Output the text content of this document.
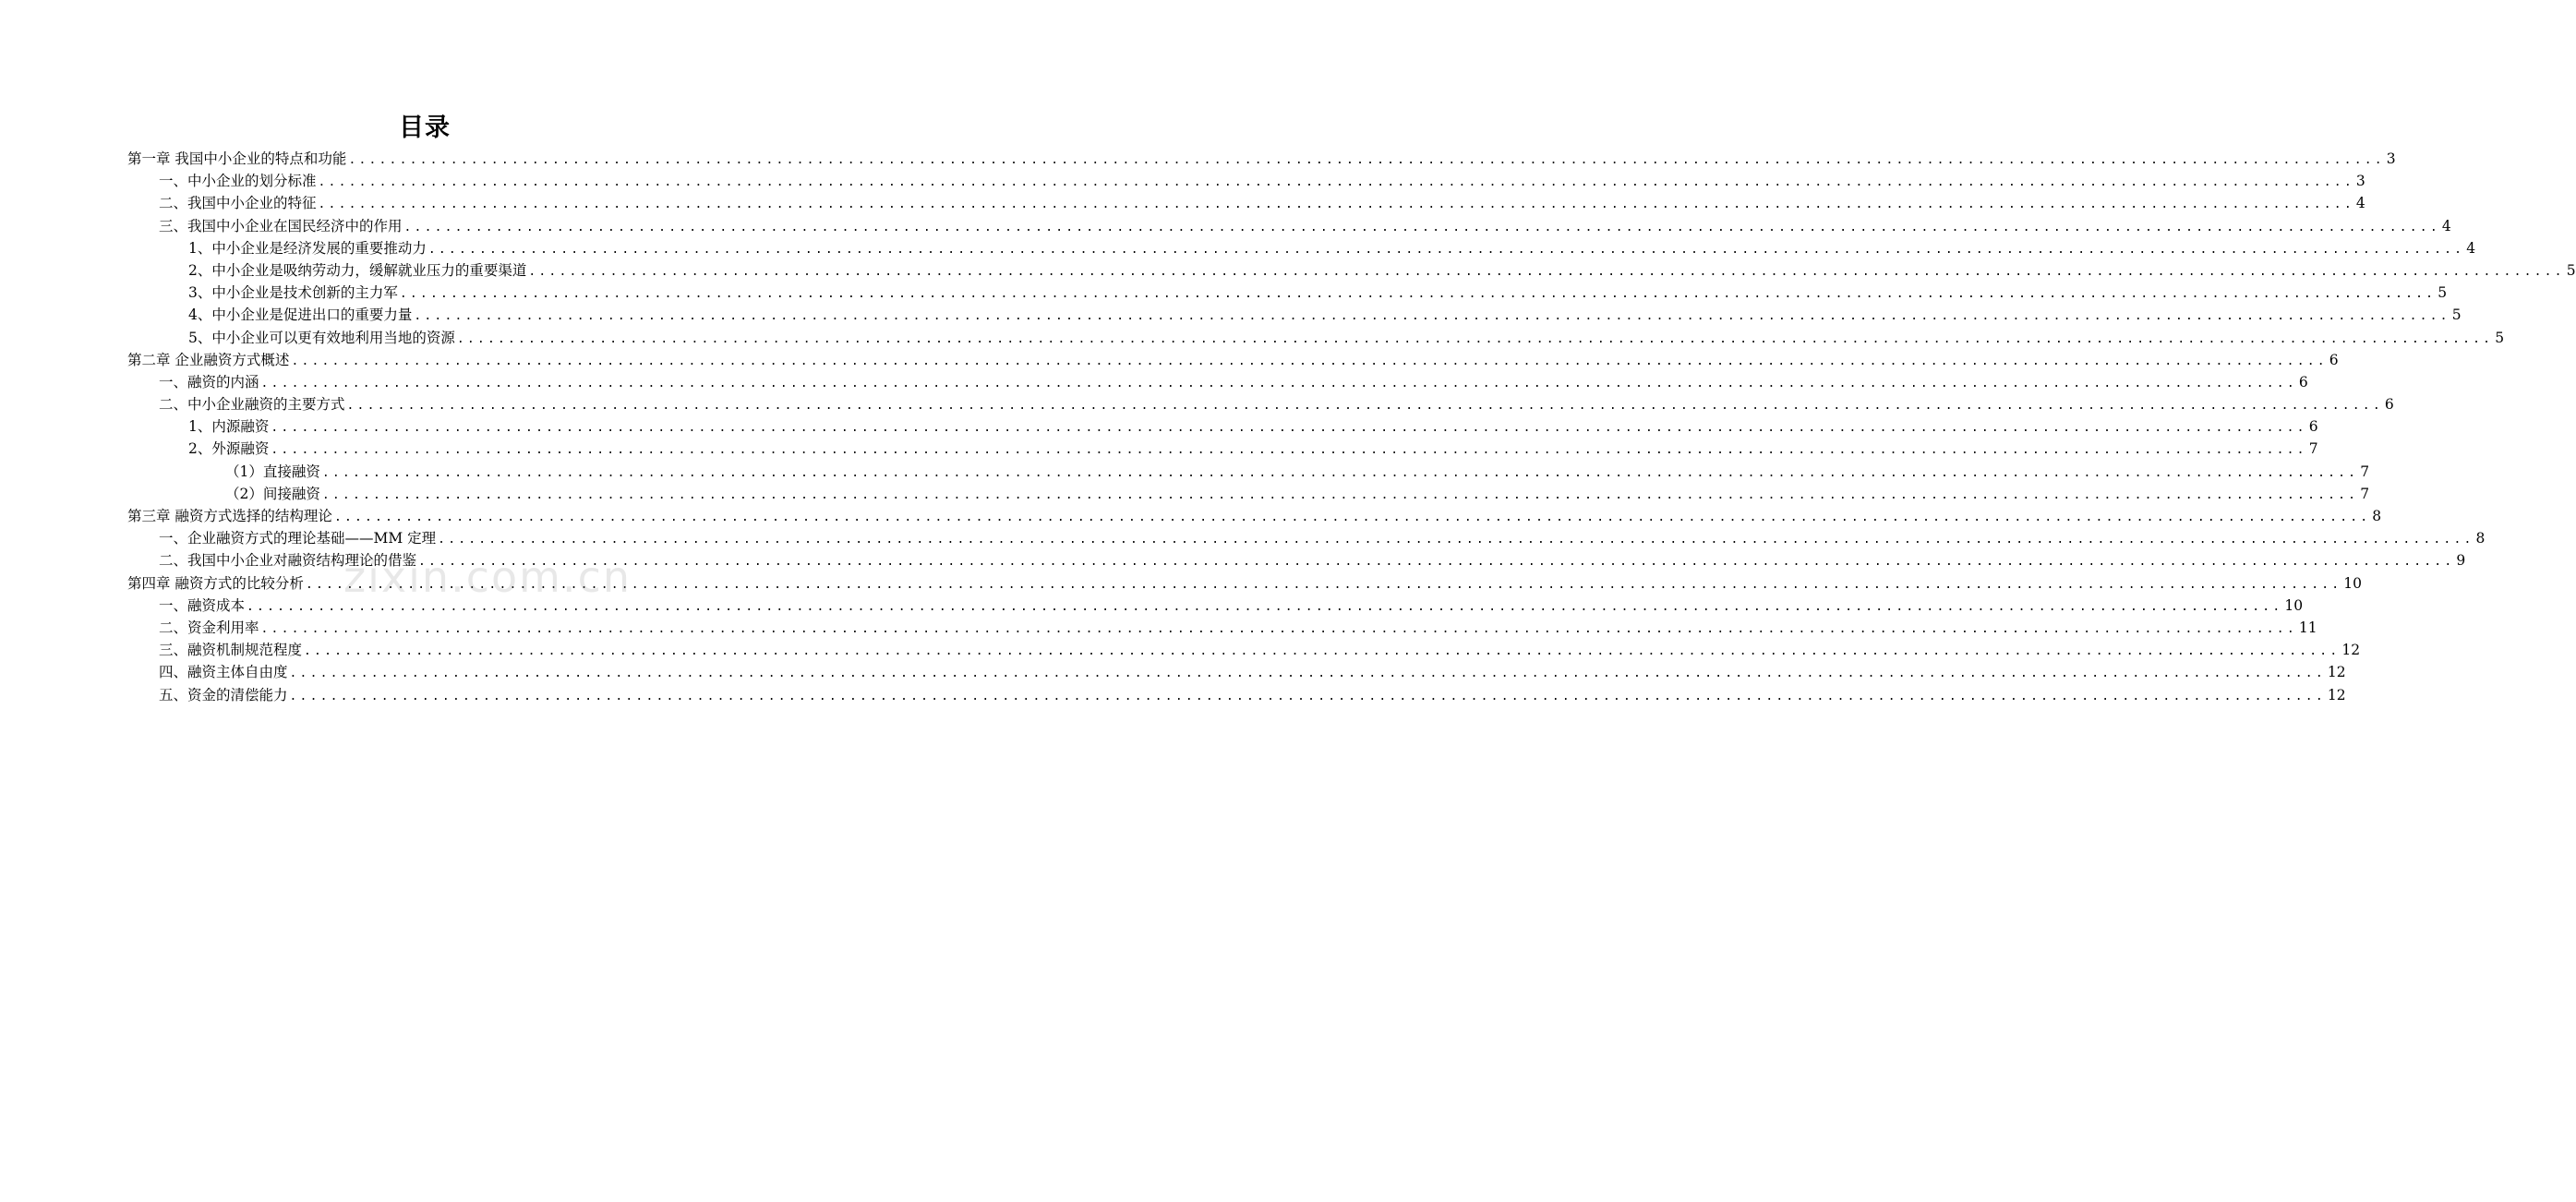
目录
第一章 我国中小企业的特点和功能 ........................................................................................................................................................................................................ 3
一、中小企业的划分标准 ........................................................................................................................................................................................................ 3
二、我国中小企业的特征 ........................................................................................................................................................................................................ 4
三、我国中小企业在国民经济中的作用 ........................................................................................................................................................................................................ 4
1、中小企业是经济发展的重要推动力 ........................................................................................................................................................................................................ 4
2、中小企业是吸纳劳动力，缓解就业压力的重要渠道 ........................................................................................................................................................................................................ 5
3、中小企业是技术创新的主力军 ........................................................................................................................................................................................................ 5
4、中小企业是促进出口的重要力量 ........................................................................................................................................................................................................ 5
5、中小企业可以更有效地利用当地的资源 ........................................................................................................................................................................................................ 5
第二章 企业融资方式概述 ........................................................................................................................................................................................................ 6
一、融资的内涵 ........................................................................................................................................................................................................ 6
二、中小企业融资的主要方式 ........................................................................................................................................................................................................ 6
1、内源融资 ........................................................................................................................................................................................................ 6
2、外源融资 ........................................................................................................................................................................................................ 7
（1）直接融资 ........................................................................................................................................................................................................ 7
（2）间接融资 ........................................................................................................................................................................................................ 7
第三章 融资方式选择的结构理论 ........................................................................................................................................................................................................ 8
一、企业融资方式的理论基础——MM 定理 ........................................................................................................................................................................................................ 8
二、我国中小企业对融资结构理论的借鉴 ........................................................................................................................................................................................................ 9
第四章 融资方式的比较分析 ........................................................................................................................................................................................................ 10
一、融资成本 ........................................................................................................................................................................................................ 10
二、资金利用率 ........................................................................................................................................................................................................ 11
三、融资机制规范程度 ........................................................................................................................................................................................................ 12
四、融资主体自由度 ........................................................................................................................................................................................................ 12
五、资金的清偿能力 ........................................................................................................................................................................................................ 12
zixin.com.cn
